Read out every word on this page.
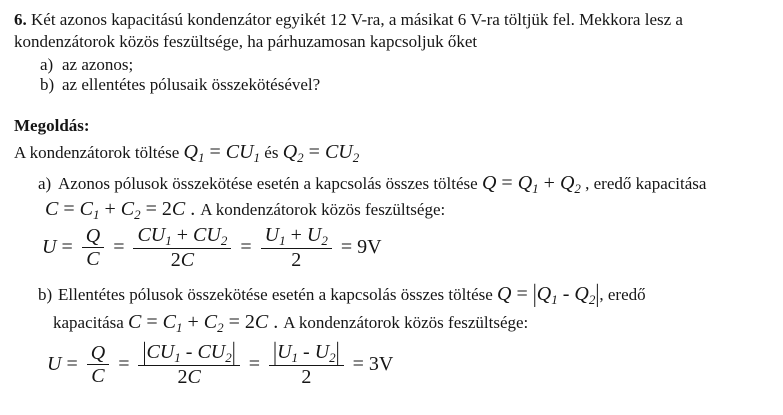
6. Két azonos kapacitású kondenzátor egyikét 12 V-ra, a másikat 6 V-ra töltjük fel. Mekkora lesz a
kondenzátorok közös feszültsége, ha párhuzamosan kapcsoljuk őket
a) az azonos;
b) az ellentétes pólusaik összekötésével?
Megoldás:
A kondenzátorok töltése $Q_1 = CU_1$ és $Q_2 = CU_2$
a) Azonos pólusok összekötése esetén a kapcsolás összes töltése $Q = Q_1 + Q_2$ , eredő kapacitása
$C = C_1 + C_2 = 2C$ . A kondenzátorok közös feszültsége:
$U = \frac{Q}{C} = \frac{CU_1 + CU_2}{2C} = \frac{U_1 + U_2}{2} = 9V$
b) Ellentétes pólusok összekötése esetén a kapcsolás összes töltése $Q = |Q_1 - Q_2|$, eredő
kapacitása $C = C_1 + C_2 = 2C$ . A kondenzátorok közös feszültsége:
$U = \frac{Q}{C} = \frac{|CU_1 - CU_2|}{2C} = \frac{|U_1 - U_2|}{2} = 3V$
